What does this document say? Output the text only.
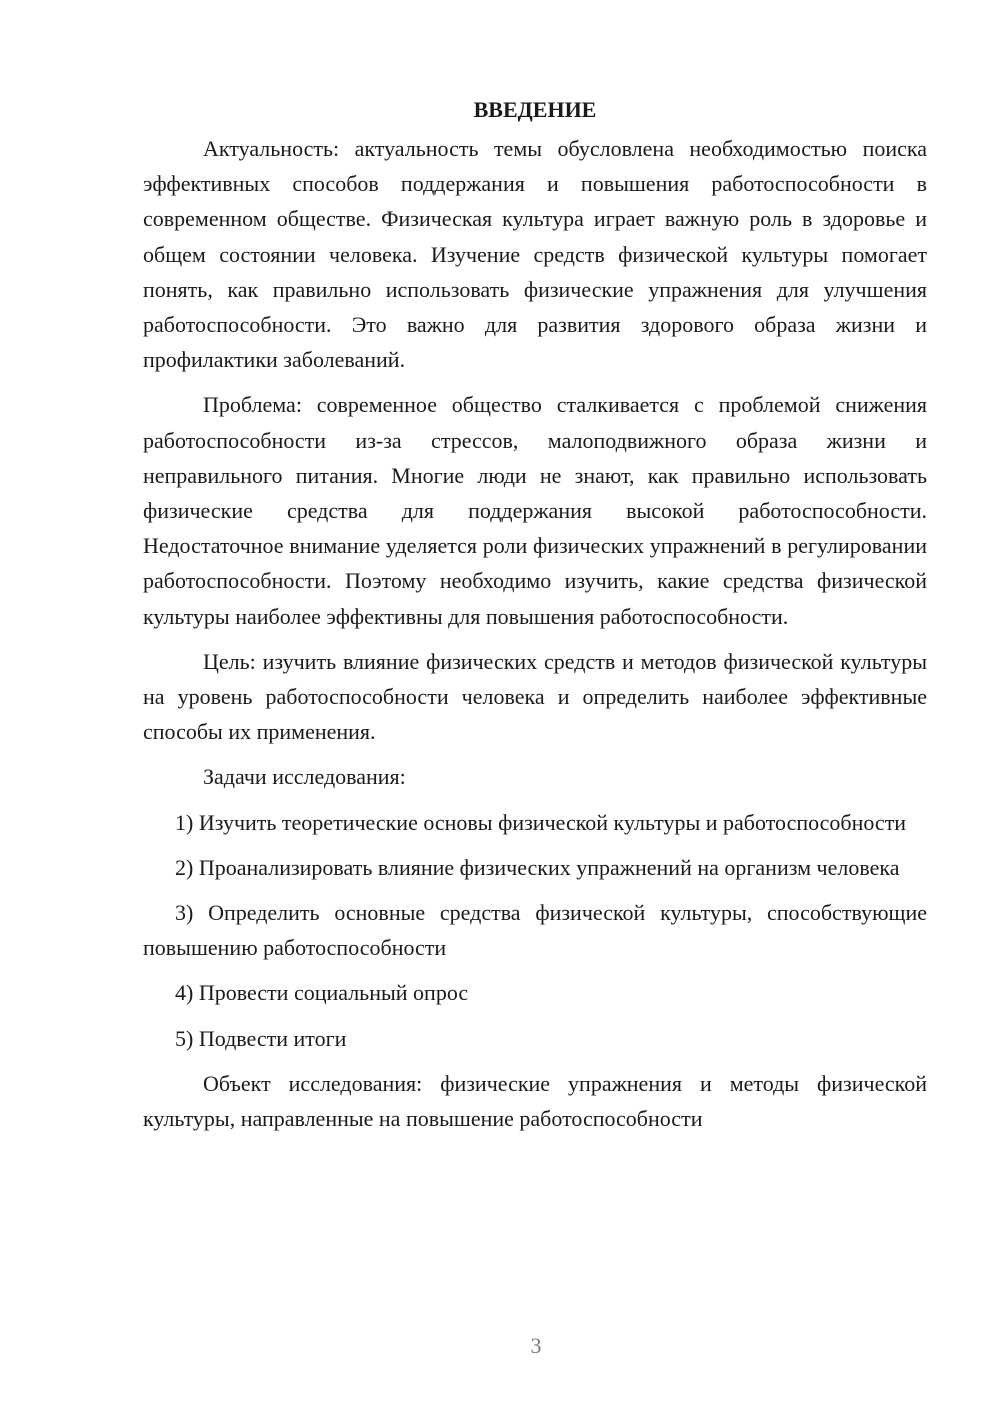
ВВЕДЕНИЕ

Актуальность: актуальность темы обусловлена необходимостью поиска эффективных способов поддержания и повышения работоспособности в современном обществе. Физическая культура играет важную роль в здоровье и общем состоянии человека. Изучение средств физической культуры помогает понять, как правильно использовать физические упражнения для улучшения работоспособности. Это важно для развития здорового образа жизни и профилактики заболеваний.

Проблема: современное общество сталкивается с проблемой снижения работоспособности из-за стрессов, малоподвижного образа жизни и неправильного питания. Многие люди не знают, как правильно использовать физические средства для поддержания высокой работоспособности. Недостаточное внимание уделяется роли физических упражнений в регулировании работоспособности. Поэтому необходимо изучить, какие средства физической культуры наиболее эффективны для повышения работоспособности.

Цель: изучить влияние физических средств и методов физической культуры на уровень работоспособности человека и определить наиболее эффективные способы их применения.

Задачи исследования:

1) Изучить теоретические основы физической культуры и работоспособности

2) Проанализировать влияние физических упражнений на организм человека

3) Определить основные средства физической культуры, способствующие повышению работоспособности

4) Провести социальный опрос

5) Подвести итоги

Объект исследования: физические упражнения и методы физической культуры, направленные на повышение работоспособности

3
